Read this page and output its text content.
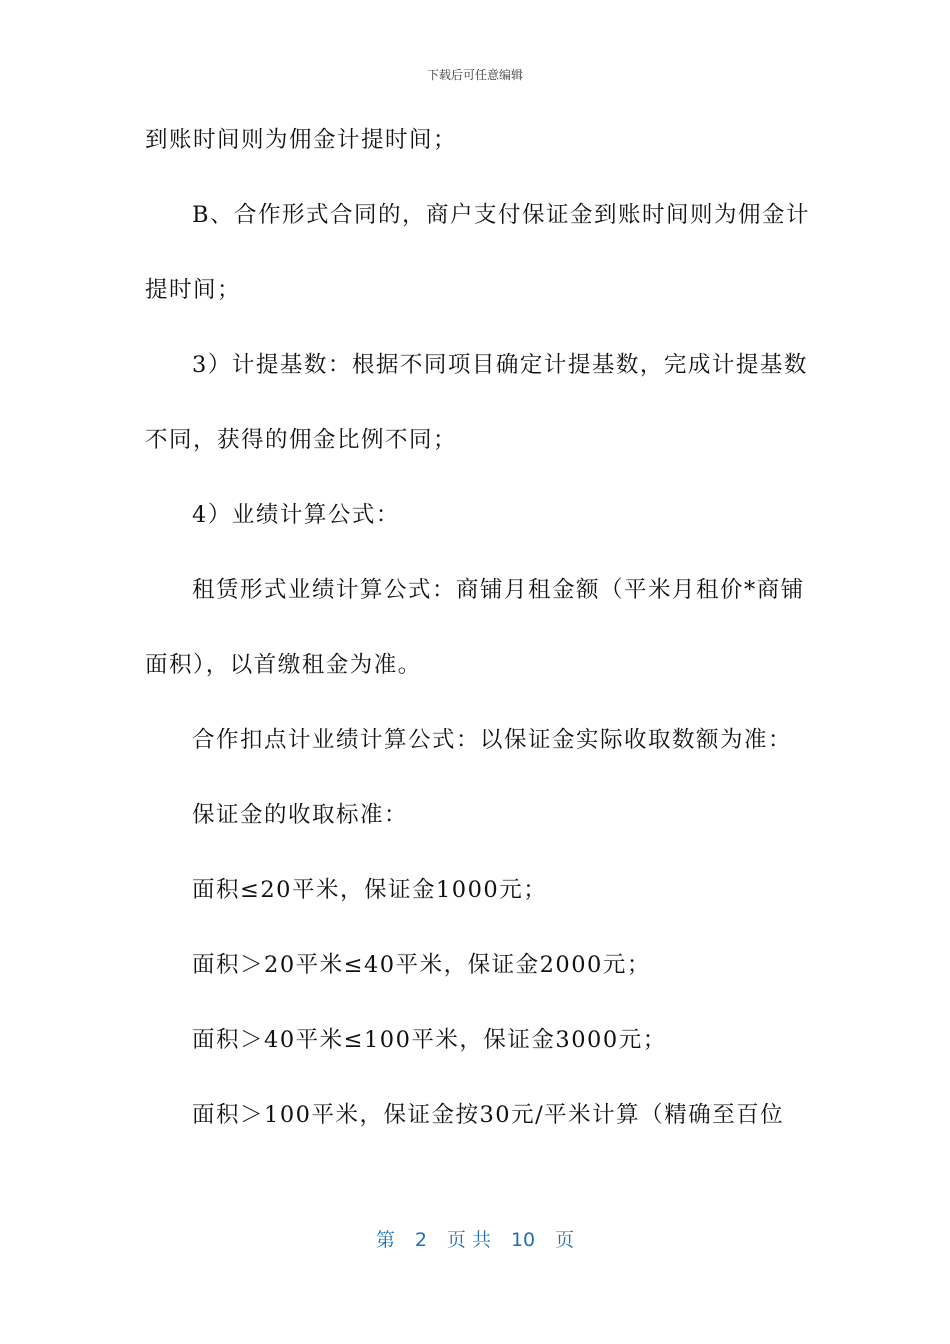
下载后可任意编辑
到账时间则为佣金计提时间；
B、合作形式合同的，商户支付保证金到账时间则为佣金计
提时间；
3）计提基数：根据不同项目确定计提基数，完成计提基数
不同，获得的佣金比例不同；
4）业绩计算公式：
租赁形式业绩计算公式：商铺月租金额（平米月租价*商铺
面积），以首缴租金为准。
合作扣点计业绩计算公式：以保证金实际收取数额为准：
保证金的收取标准：
面积≤20平米，保证金1000元；
面积＞20平米≤40平米，保证金2000元；
面积＞40平米≤100平米，保证金3000元；
面积＞100平米，保证金按30元/平米计算（精确至百位
第 2 页 共 10 页
